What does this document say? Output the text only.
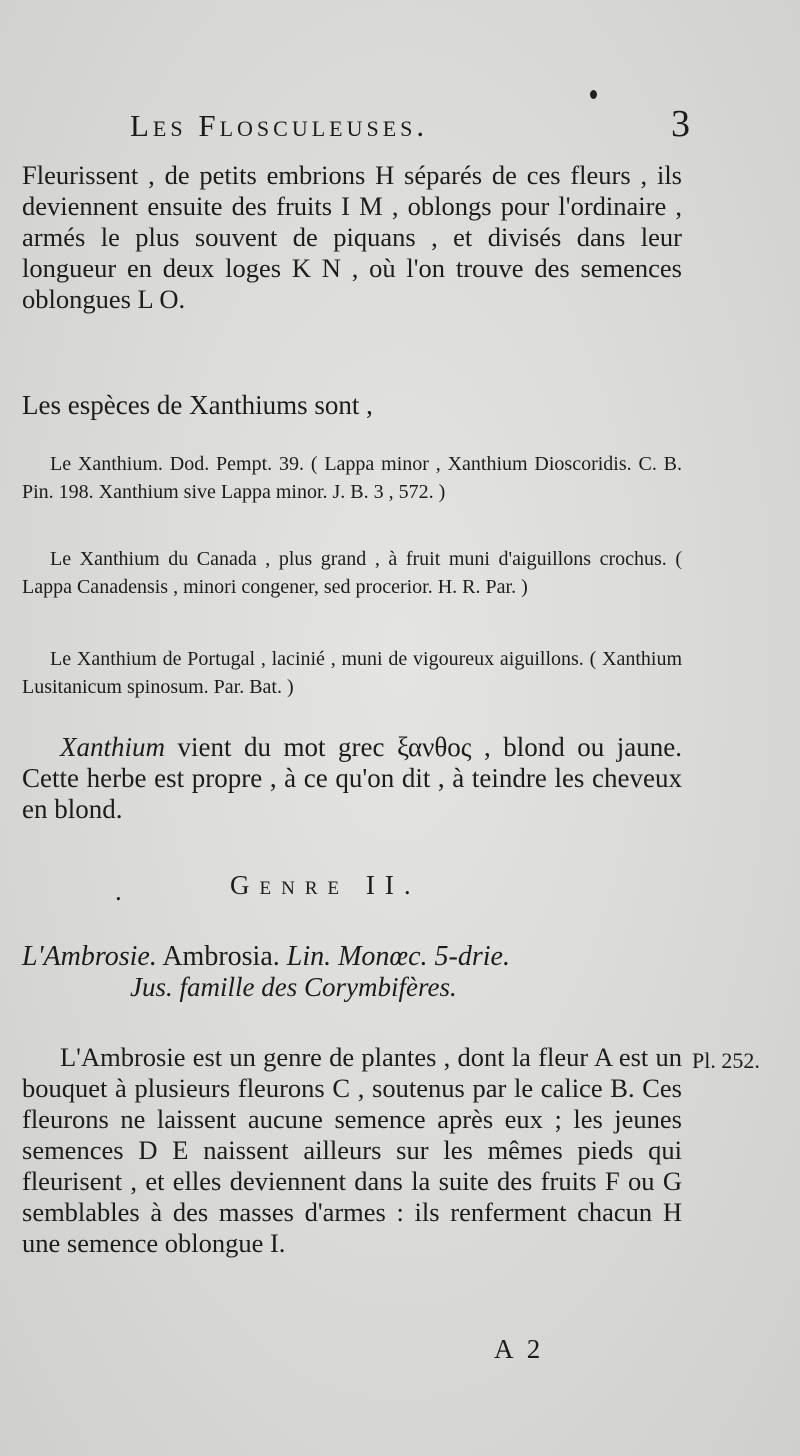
Les Flosculeuses.	3
Fleurissent , de petits embrions H séparés de ces fleurs , ils deviennent ensuite des fruits I M , oblongs pour l'ordinaire , armés le plus souvent de piquans , et divisés dans leur longueur en deux loges K N , où l'on trouve des semences oblongues L O.
Les espèces de Xanthiums sont ,
Le Xanthium. Dod. Pempt. 39. ( Lappa minor , Xanthium Dioscoridis. C. B. Pin. 198. Xanthium sive Lappa minor. J. B. 3 , 572. )
Le Xanthium du Canada , plus grand , à fruit muni d'aiguillons crochus. ( Lappa Canadensis , minori congener, sed procerior. H. R. Par. )
Le Xanthium de Portugal , lacinié , muni de vigoureux aiguillons. ( Xanthium Lusitanicum spinosum. Par. Bat. )
Xanthium vient du mot grec ξανθος , blond ou jaune. Cette herbe est propre , à ce qu'on dit , à teindre les cheveux en blond.
.	Genre II.
L'Ambrosie. Ambrosia. Lin. Monœc. 5-drie.
Jus. famille des Corymbifères.
L'Ambrosie est un genre de plantes , dont la fleur A est un bouquet à plusieurs fleurons C , soutenus par le calice B. Ces fleurons ne laissent aucune semence après eux ; les jeunes semences D E naissent ailleurs sur les mêmes pieds qui fleurisent , et elles deviennent dans la suite des fruits F ou G semblables à des masses d'armes : ils renferment chacun H une semence oblongue I.
Pl. 252.
A 2
